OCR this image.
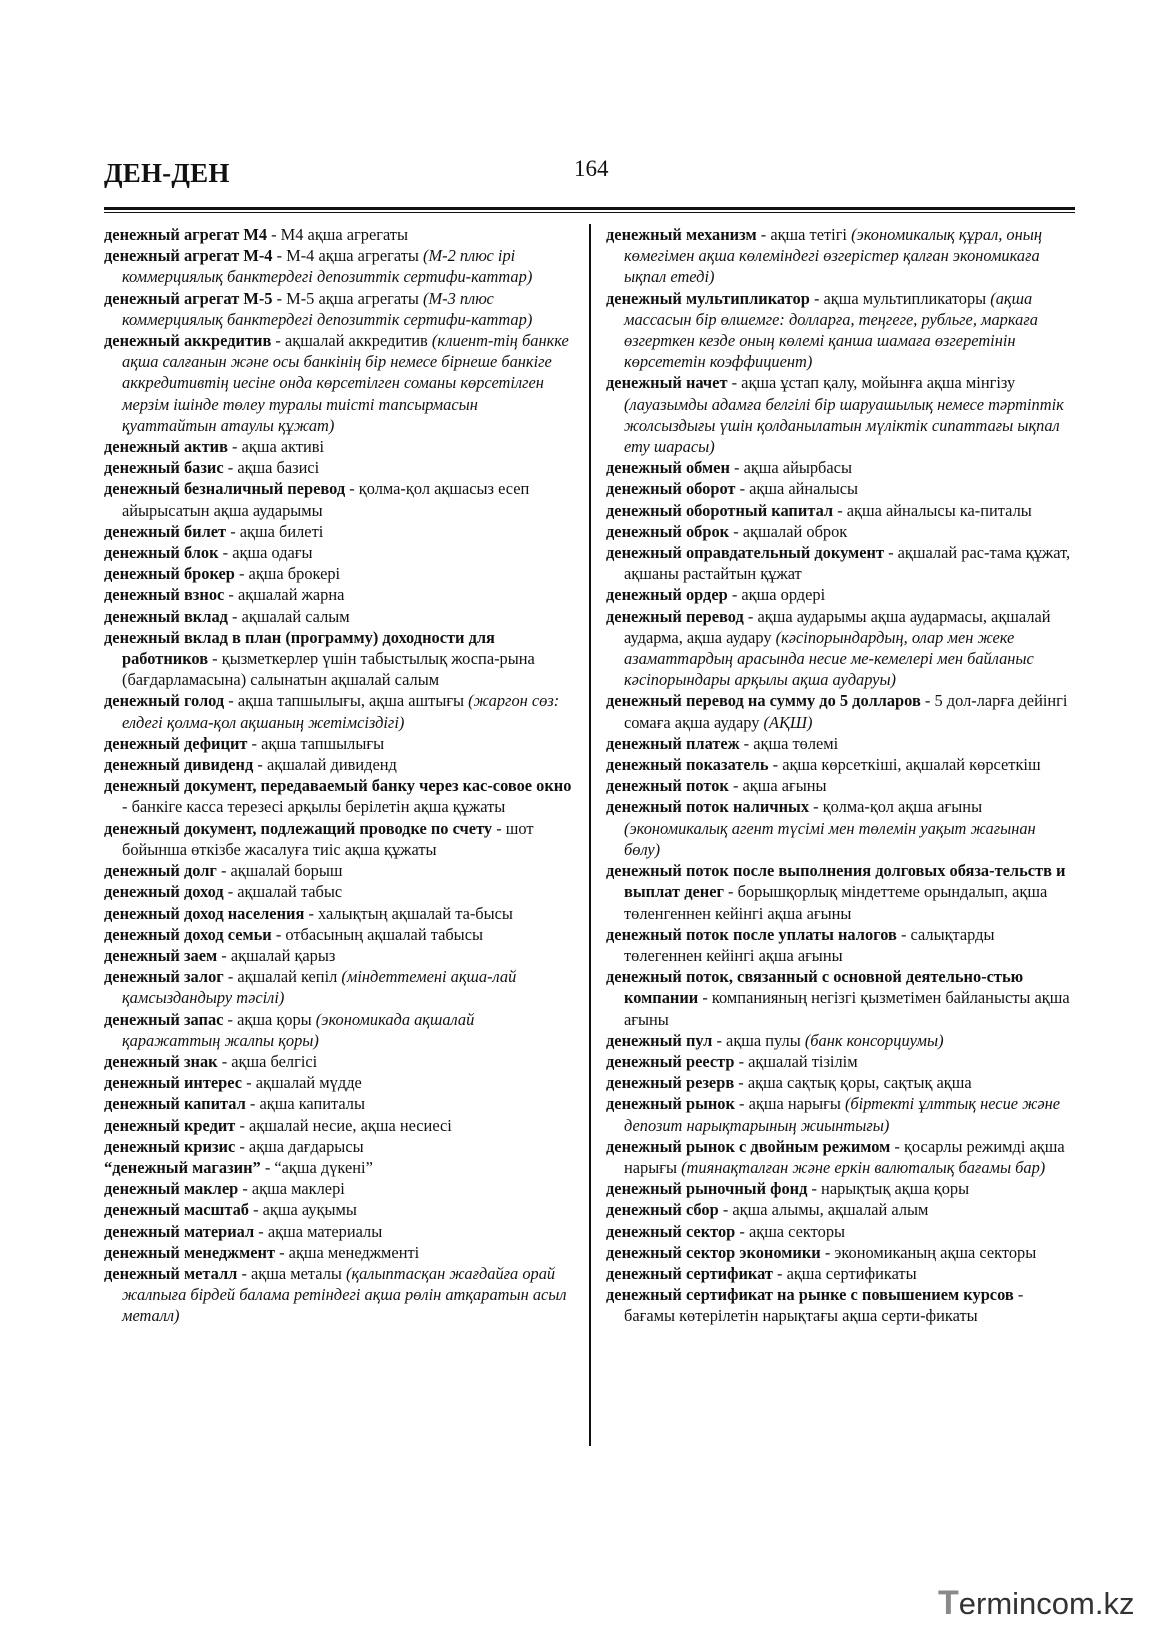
ДЕН-ДЕН	164

денежный агрегат М4 - М4 ақша агрегаты

денежный агрегат М-4 - М-4 ақша агрегаты (М-2 плюс ірі коммерциялық банктердегі депозиттік сертифи-каттар)

денежный агрегат М-5 - М-5 ақша агрегаты (М-3 плюс коммерциялық банктердегі депозиттік сертифи-каттар)

денежный аккредитив - ақшалай аккредитив (клиент-тің банкке ақша салғанын және осы банкінің бір немесе бірнеше банкіге аккредитивтің иесіне онда көрсетілген соманы көрсетілген мерзім ішінде төлеу туралы тиісті тапсырмасын қуаттайтын атаулы құжат)

денежный актив - ақша активі

денежный базис - ақша базисі

денежный безналичный перевод - қолма-қол ақшасыз есеп айырысатын ақша аударымы

денежный билет - ақша билеті

денежный блок - ақша одағы

денежный брокер - ақша брокері

денежный взнос - ақшалай жарна

денежный вклад - ақшалай салым

денежный вклад в план (программу) доходности для работников - қызметкерлер үшін табыстылық жоспа-рына (бағдарламасына) салынатын ақшалай салым

денежный голод - ақша тапшылығы, ақша аштығы (жаргон сөз: елдегі қолма-қол ақшаның жетімсіздігі)

денежный дефицит - ақша тапшылығы

денежный дивиденд - ақшалай дивиденд

денежный документ, передаваемый банку через кас-совое окно - банкіге касса терезесі арқылы берілетін ақша құжаты

денежный документ, подлежащий проводке по счету - шот бойынша өткізбе жасалуға тиіс ақша құжаты

денежный долг - ақшалай борыш

денежный доход - ақшалай табыс

денежный доход населения - халықтың ақшалай та-бысы

денежный доход семьи - отбасының ақшалай табысы

денежный заем - ақшалай қарыз

денежный залог - ақшалай кепіл (міндеттемені ақша-лай қамсыздандыру тәсілі)

денежный запас - ақша қоры (экономикада ақшалай қаражаттың жалпы қоры)

денежный знак - ақша белгісі

денежный интерес - ақшалай мүдде

денежный капитал - ақша капиталы

денежный кредит - ақшалай несие, ақша несиесі

денежный кризис - ақша дағдарысы

“денежный магазин” - “ақша дүкені”

денежный маклер - ақша маклері

денежный масштаб - ақша ауқымы

денежный материал - ақша материалы

денежный менеджмент - ақша менеджменті

денежный металл - ақша металы (қалыптасқан жағдайға орай жалпыға бірдей балама ретіндегі ақша рөлін атқаратын асыл металл)

денежный механизм - ақша тетігі (экономикалық құрал, оның көмегімен ақша көлеміндегі өзгерістер қалған экономикаға ықпал етеді)

денежный мультипликатор - ақша мультипликаторы (ақша массасын бір өлшемге: долларға, теңгеге, рубльге, маркаға өзгерткен кезде оның көлемі қанша шамаға өзгеретінін көрсететін коэффициент)

денежный начет - ақша ұстап қалу, мойынға ақша мінгізу (лауазымды адамға белгілі бір шаруашылық немесе тәртіптік жолсыздығы үшін қолданылатын мүліктік сипаттағы ықпал ету шарасы)

денежный обмен - ақша айырбасы

денежный оборот - ақша айналысы

денежный оборотный капитал - ақша айналысы ка-питалы

денежный оброк - ақшалай оброк

денежный оправдательный документ - ақшалай рас-тама құжат, ақшаны растайтын құжат

денежный ордер - ақша ордері

денежный перевод - ақша аударымы ақша аудармасы, ақшалай аударма, ақша аудару (кәсіпорындардың, олар мен жеке азаматтардың арасында несие ме-кемелері мен байланыс кәсіпорындары арқылы ақша аударуы)

денежный перевод на сумму до 5 долларов - 5 дол-ларға дейінгі сомаға ақша аудару (АҚШ)

денежный платеж - ақша төлемі

денежный показатель - ақша көрсеткіші, ақшалай көрсеткіш

денежный поток - ақша ағыны

денежный поток наличных - қолма-қол ақша ағыны (экономикалық агент түсімі мен төлемін уақыт жағынан бөлу)

денежный поток после выполнения долговых обяза-тельств и выплат денег - борышқорлық міндеттеме орындалып, ақша төленгеннен кейінгі ақша ағыны

денежный поток после уплаты налогов - салықтарды төлегеннен кейінгі ақша ағыны

денежный поток, связанный с основной деятельно-стью компании - компанияның негізгі қызметімен байланысты ақша ағыны

денежный пул - ақша пулы (банк консорциумы)

денежный реестр - ақшалай тізілім

денежный резерв - ақша сақтық қоры, сақтық ақша

денежный рынок - ақша нарығы (біртекті ұлттық несие және депозит нарықтарының жиынтығы)

денежный рынок с двойным режимом - қосарлы режимді ақша нарығы (тиянақталған және еркін валюталық бағамы бар)

денежный рыночный фонд - нарықтық ақша қоры

денежный сбор - ақша алымы, ақшалай алым

денежный сектор - ақша секторы

денежный сектор экономики - экономиканың ақша секторы

денежный сертификат - ақша сертификаты

денежный сертификат на рынке с повышением курсов - бағамы көтерілетін нарықтағы ақша серти-фикаты

Termincom.kz
